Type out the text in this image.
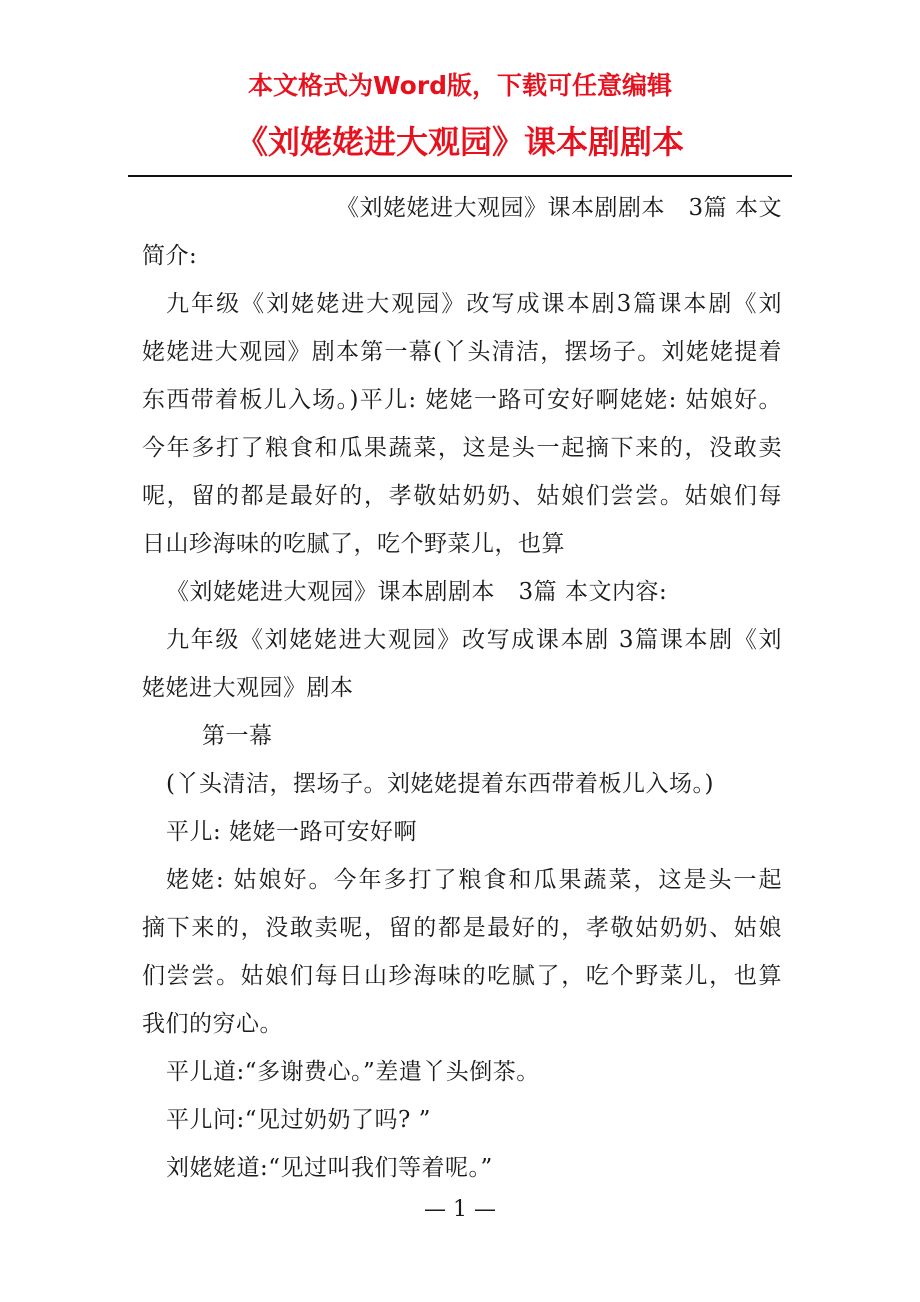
本文格式为Word版，下载可任意编辑

《刘姥姥进大观园》课本剧剧本

《刘姥姥进大观园》课本剧剧本　3篇 本文

简介:

九年级《刘姥姥进大观园》改写成课本剧3篇课本剧《刘

姥姥进大观园》剧本第一幕(丫头清洁，摆场子。刘姥姥提着

东西带着板儿入场。)平儿: 姥姥一路可安好啊姥姥: 姑娘好。

今年多打了粮食和瓜果蔬菜，这是头一起摘下来的，没敢卖

呢，留的都是最好的，孝敬姑奶奶、姑娘们尝尝。姑娘们每

日山珍海味的吃腻了，吃个野菜儿，也算

《刘姥姥进大观园》课本剧剧本　3篇 本文内容:

九年级《刘姥姥进大观园》改写成课本剧 3篇课本剧《刘

姥姥进大观园》剧本

第一幕

(丫头清洁，摆场子。刘姥姥提着东西带着板儿入场。)

平儿: 姥姥一路可安好啊

姥姥: 姑娘好。今年多打了粮食和瓜果蔬菜，这是头一起

摘下来的，没敢卖呢，留的都是最好的，孝敬姑奶奶、姑娘

们尝尝。姑娘们每日山珍海味的吃腻了，吃个野菜儿，也算

我们的穷心。

平儿道:“多谢费心。”差遣丫头倒茶。

平儿问:“见过奶奶了吗? ”

刘姥姥道:“见过叫我们等着呢。”

— 1 —
